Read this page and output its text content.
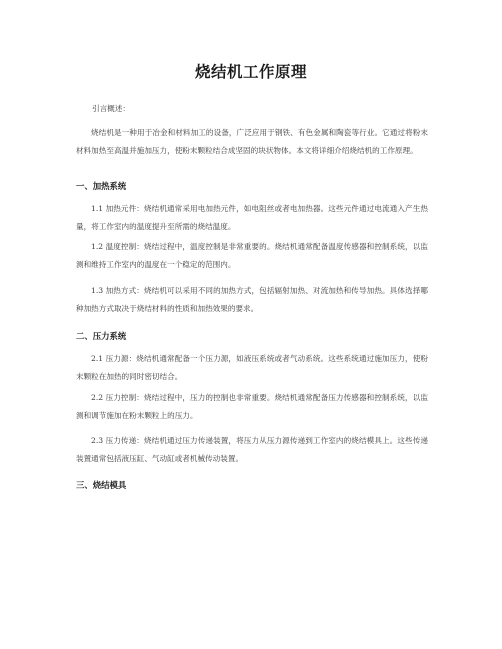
烧结机工作原理
引言概述：

烧结机是一种用于冶金和材料加工的设备，广泛应用于钢铁、有色金属和陶瓷等行业。它通过将粉末材料加热至高温并施加压力，使粉末颗粒结合成坚固的块状物体。本文将详细介绍烧结机的工作原理。

一、加热系统

1.1 加热元件：烧结机通常采用电加热元件，如电阻丝或者电加热器。这些元件通过电流通入产生热量，将工作室内的温度提升至所需的烧结温度。

1.2 温度控制：烧结过程中，温度控制是非常重要的。烧结机通常配备温度传感器和控制系统，以监测和维持工作室内的温度在一个稳定的范围内。

1.3 加热方式：烧结机可以采用不同的加热方式，包括辐射加热、对流加热和传导加热。具体选择哪种加热方式取决于烧结材料的性质和加热效果的要求。

二、压力系统

2.1 压力源：烧结机通常配备一个压力源，如液压系统或者气动系统。这些系统通过施加压力，使粉末颗粒在加热的同时密切结合。

2.2 压力控制：烧结过程中，压力的控制也非常重要。烧结机通常配备压力传感器和控制系统，以监测和调节施加在粉末颗粒上的压力。

2.3 压力传递：烧结机通过压力传递装置，将压力从压力源传递到工作室内的烧结模具上。这些传递装置通常包括液压缸、气动缸或者机械传动装置。

三、烧结模具
